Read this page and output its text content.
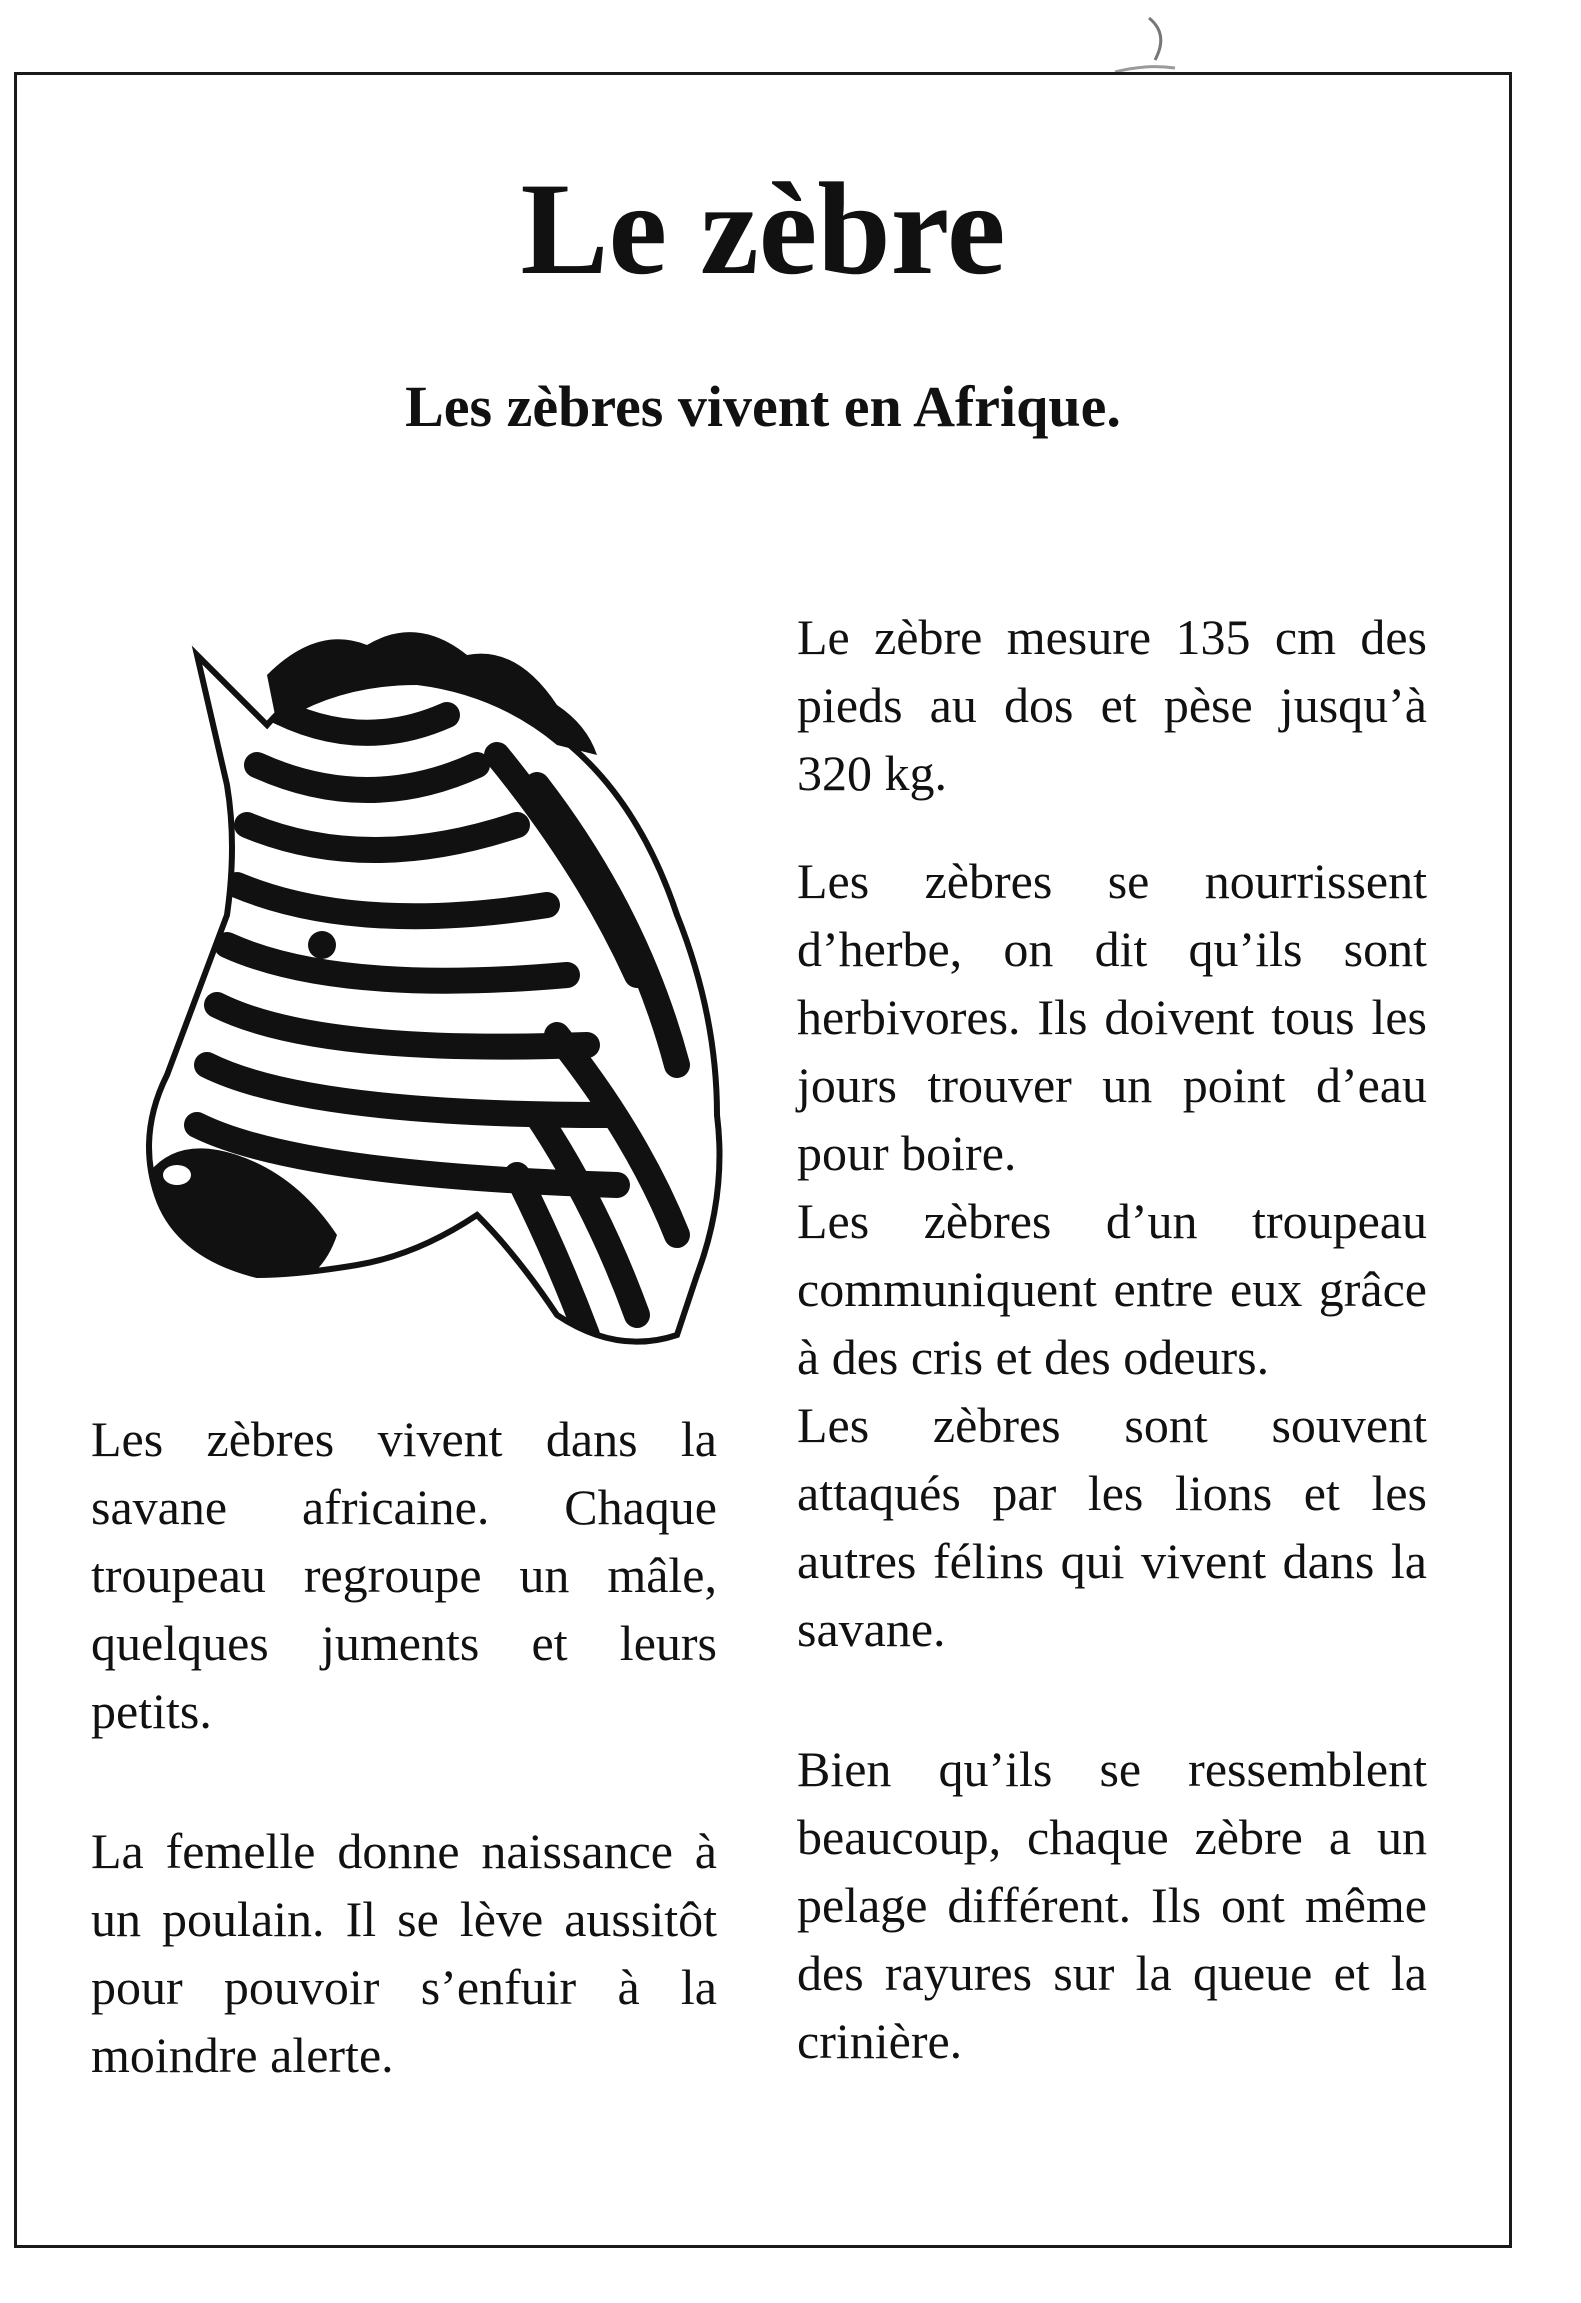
Le zèbre
Les zèbres vivent en Afrique.

Les zèbres vivent dans la savane africaine. Chaque troupeau regroupe un mâle, quelques juments et leurs petits.

La femelle donne naissance à un poulain. Il se lève aussitôt pour pouvoir s’enfuir à la moindre alerte.

Le zèbre mesure 135 cm des pieds au dos et pèse jusqu’à 320 kg.

Les zèbres se nourrissent d’herbe, on dit qu’ils sont herbivores. Ils doivent tous les jours trouver un point d’eau pour boire.

Les zèbres d’un troupeau communiquent entre eux grâce à des cris et des odeurs.

Les zèbres sont souvent attaqués par les lions et les autres félins qui vivent dans la savane.

Bien qu’ils se ressemblent beaucoup, chaque zèbre a un pelage différent. Ils ont même des rayures sur la queue et la crinière.
